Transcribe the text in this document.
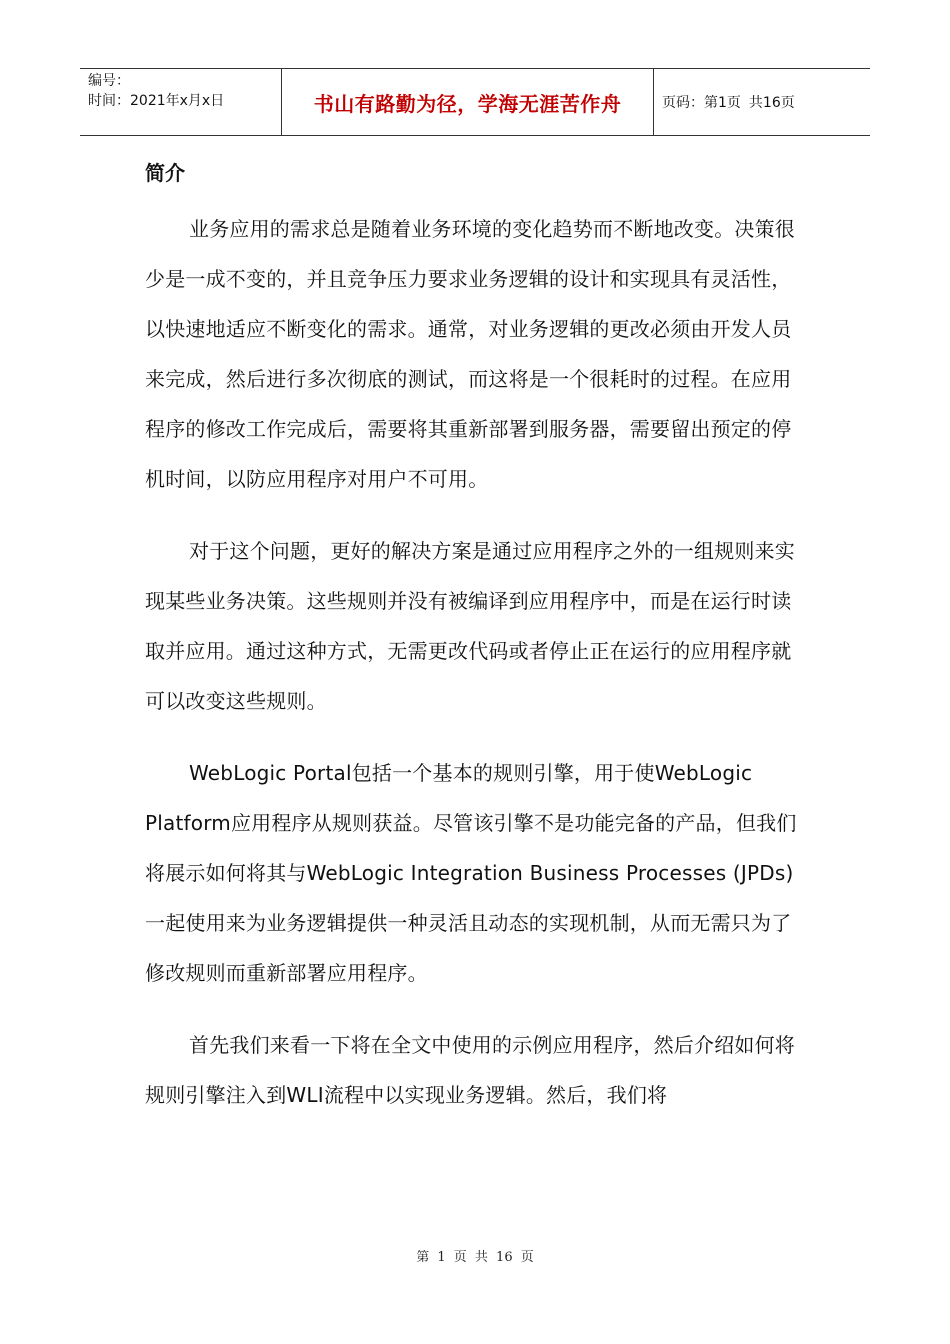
编号：
时间：2021年x月x日	书山有路勤为径，学海无涯苦作舟	页码：第1页 共16页
简介

业务应用的需求总是随着业务环境的变化趋势而不断地改变。决策很少是一成不变的，并且竞争压力要求业务逻辑的设计和实现具有灵活性，以快速地适应不断变化的需求。通常，对业务逻辑的更改必须由开发人员来完成，然后进行多次彻底的测试，而这将是一个很耗时的过程。在应用程序的修改工作完成后，需要将其重新部署到服务器，需要留出预定的停机时间，以防应用程序对用户不可用。

对于这个问题，更好的解决方案是通过应用程序之外的一组规则来实现某些业务决策。这些规则并没有被编译到应用程序中，而是在运行时读取并应用。通过这种方式，无需更改代码或者停止正在运行的应用程序就可以改变这些规则。

WebLogic Portal包括一个基本的规则引擎，用于使WebLogic Platform应用程序从规则获益。尽管该引擎不是功能完备的产品，但我们将展示如何将其与WebLogic Integration Business Processes (JPDs)一起使用来为业务逻辑提供一种灵活且动态的实现机制，从而无需只为了修改规则而重新部署应用程序。

首先我们来看一下将在全文中使用的示例应用程序，然后介绍如何将规则引擎注入到WLI流程中以实现业务逻辑。然后，我们将

第 1 页 共 16 页
